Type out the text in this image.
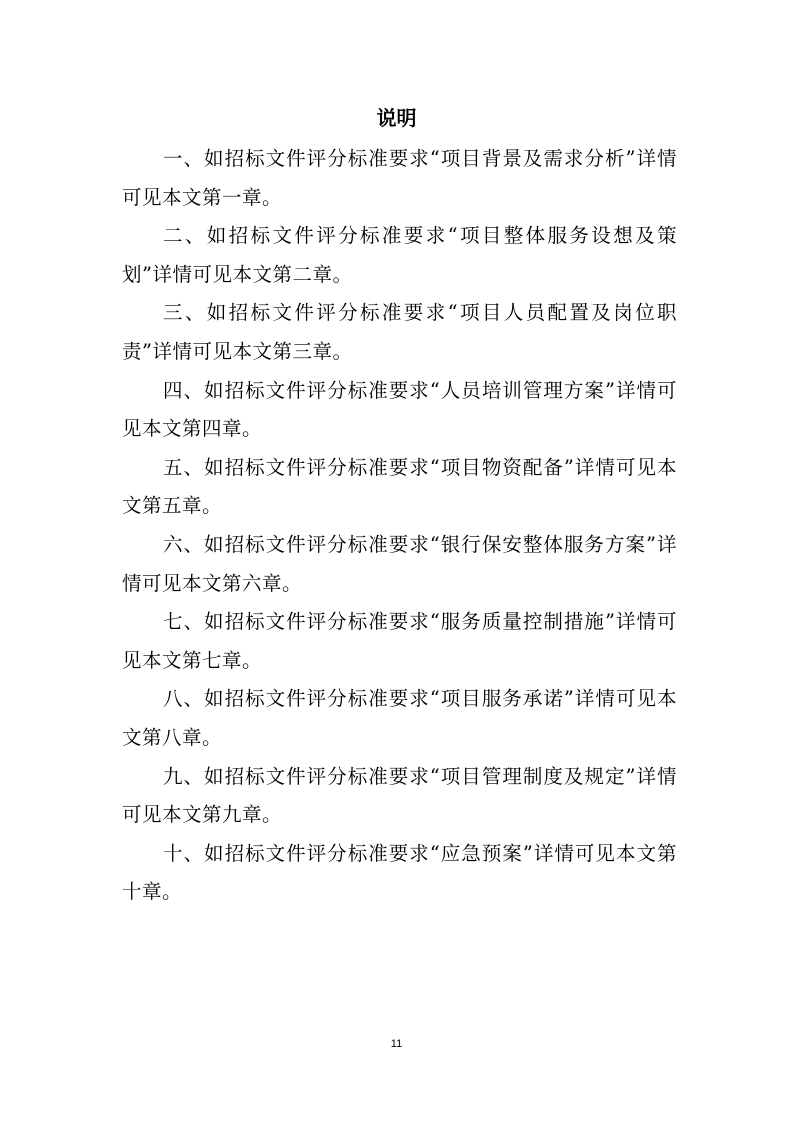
说明

一、如招标文件评分标准要求“项目背景及需求分析”详情可见本文第一章。

二、如招标文件评分标准要求“项目整体服务设想及策划”详情可见本文第二章。

三、如招标文件评分标准要求“项目人员配置及岗位职责”详情可见本文第三章。

四、如招标文件评分标准要求“人员培训管理方案”详情可见本文第四章。

五、如招标文件评分标准要求“项目物资配备”详情可见本文第五章。

六、如招标文件评分标准要求“银行保安整体服务方案”详情可见本文第六章。

七、如招标文件评分标准要求“服务质量控制措施”详情可见本文第七章。

八、如招标文件评分标准要求“项目服务承诺”详情可见本文第八章。

九、如招标文件评分标准要求“项目管理制度及规定”详情可见本文第九章。

十、如招标文件评分标准要求“应急预案”详情可见本文第十章。

11
